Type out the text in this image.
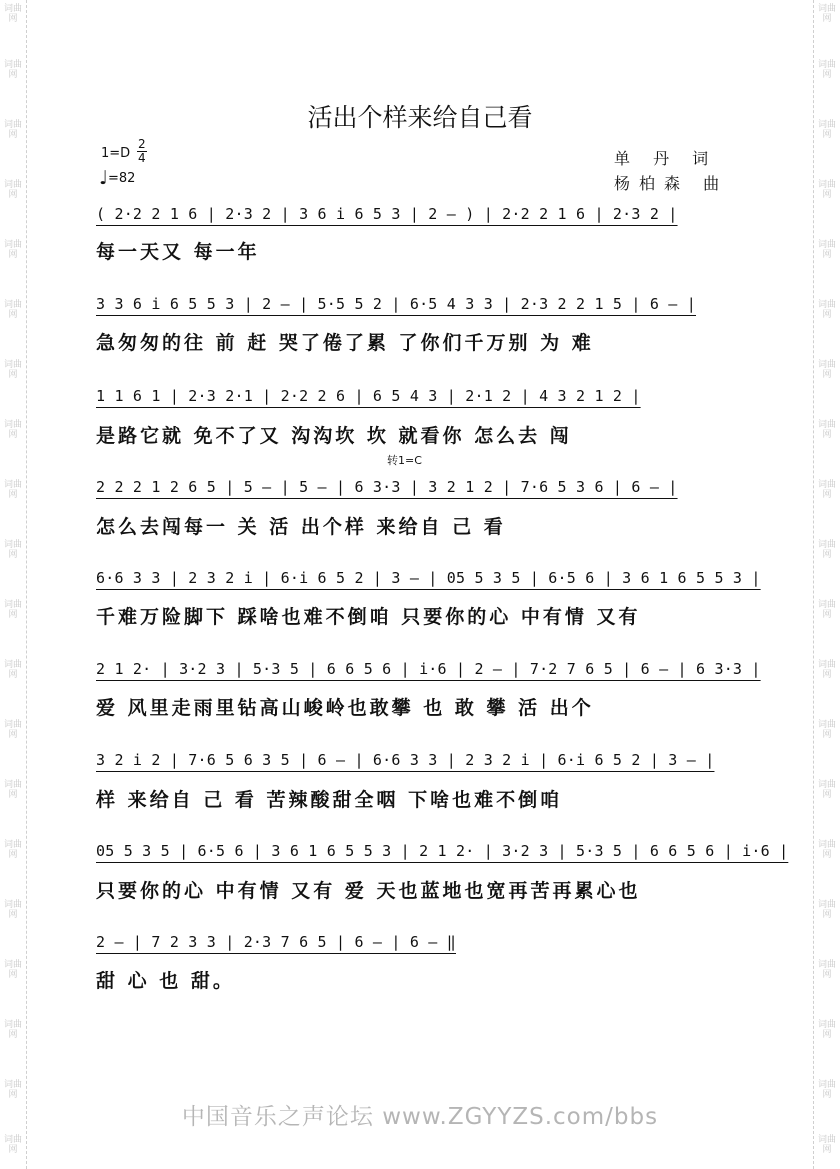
词曲网
词曲网
词曲网
词曲网
词曲网
词曲网
词曲网
词曲网
词曲网
词曲网
词曲网
词曲网
词曲网
词曲网
词曲网
词曲网
词曲网
词曲网
词曲网
词曲网
词曲网
词曲网
词曲网
词曲网
词曲网
词曲网
词曲网
词曲网
词曲网
词曲网
词曲网
词曲网
词曲网
词曲网
词曲网
词曲网
词曲网
词曲网
词曲网
词曲网
活出个样来给自己看
1=D
2
4
♩=82
单 丹 词
杨柏森 曲
转1=C
( 2·2 2 1 6 | 2·3 2 | 3 6 i 6 5 3 | 2 – ) | 2·2 2 1 6 | 2·3 2 |
每一天又 每一年
3 3 6 i 6 5 5 3 | 2 – | 5·5 5 2 | 6·5 4 3 3 | 2·3 2 2 1 5 | 6 – |
急匆匆的往 前 赶 哭了倦了累 了你们千万别 为 难
1 1 6 1 | 2·3 2·1 | 2·2 2 6 | 6 5 4 3 | 2·1 2 | 4 3 2 1 2 |
是路它就 免不了又 沟沟坎 坎 就看你 怎么去 闯
2 2 2 1 2 6 5 | 5 – | 5 – | 6 3·3 | 3 2 1 2 | 7·6 5 3 6 | 6 – |
怎么去闯每一 关 活 出个样 来给自 己 看
6·6 3 3 | 2 3 2 i | 6·i 6 5 2 | 3 – | 05 5 3 5 | 6·5 6 | 3 6 1 6 5 5 3 |
千难万险脚下 踩啥也难不倒咱 只要你的心 中有情 又有
2 1 2· | 3·2 3 | 5·3 5 | 6 6 5 6 | i·6 | 2 – | 7·2 7 6 5 | 6 – | 6 3·3 |
爱 风里走雨里钻高山峻岭也敢攀 也 敢 攀 活 出个
3 2 i 2 | 7·6 5 6 3 5 | 6 – | 6·6 3 3 | 2 3 2 i | 6·i 6 5 2 | 3 – |
样 来给自 己 看 苦辣酸甜全咽 下啥也难不倒咱
05 5 3 5 | 6·5 6 | 3 6 1 6 5 5 3 | 2 1 2· | 3·2 3 | 5·3 5 | 6 6 5 6 | i·6 |
只要你的心 中有情 又有 爱 天也蓝地也宽再苦再累心也
2 – | 7 2 3 3 | 2·3 7 6 5 | 6 – | 6 – ‖
甜 心 也 甜。
中国音乐之声论坛 www.ZGYYZS.com/bbs
